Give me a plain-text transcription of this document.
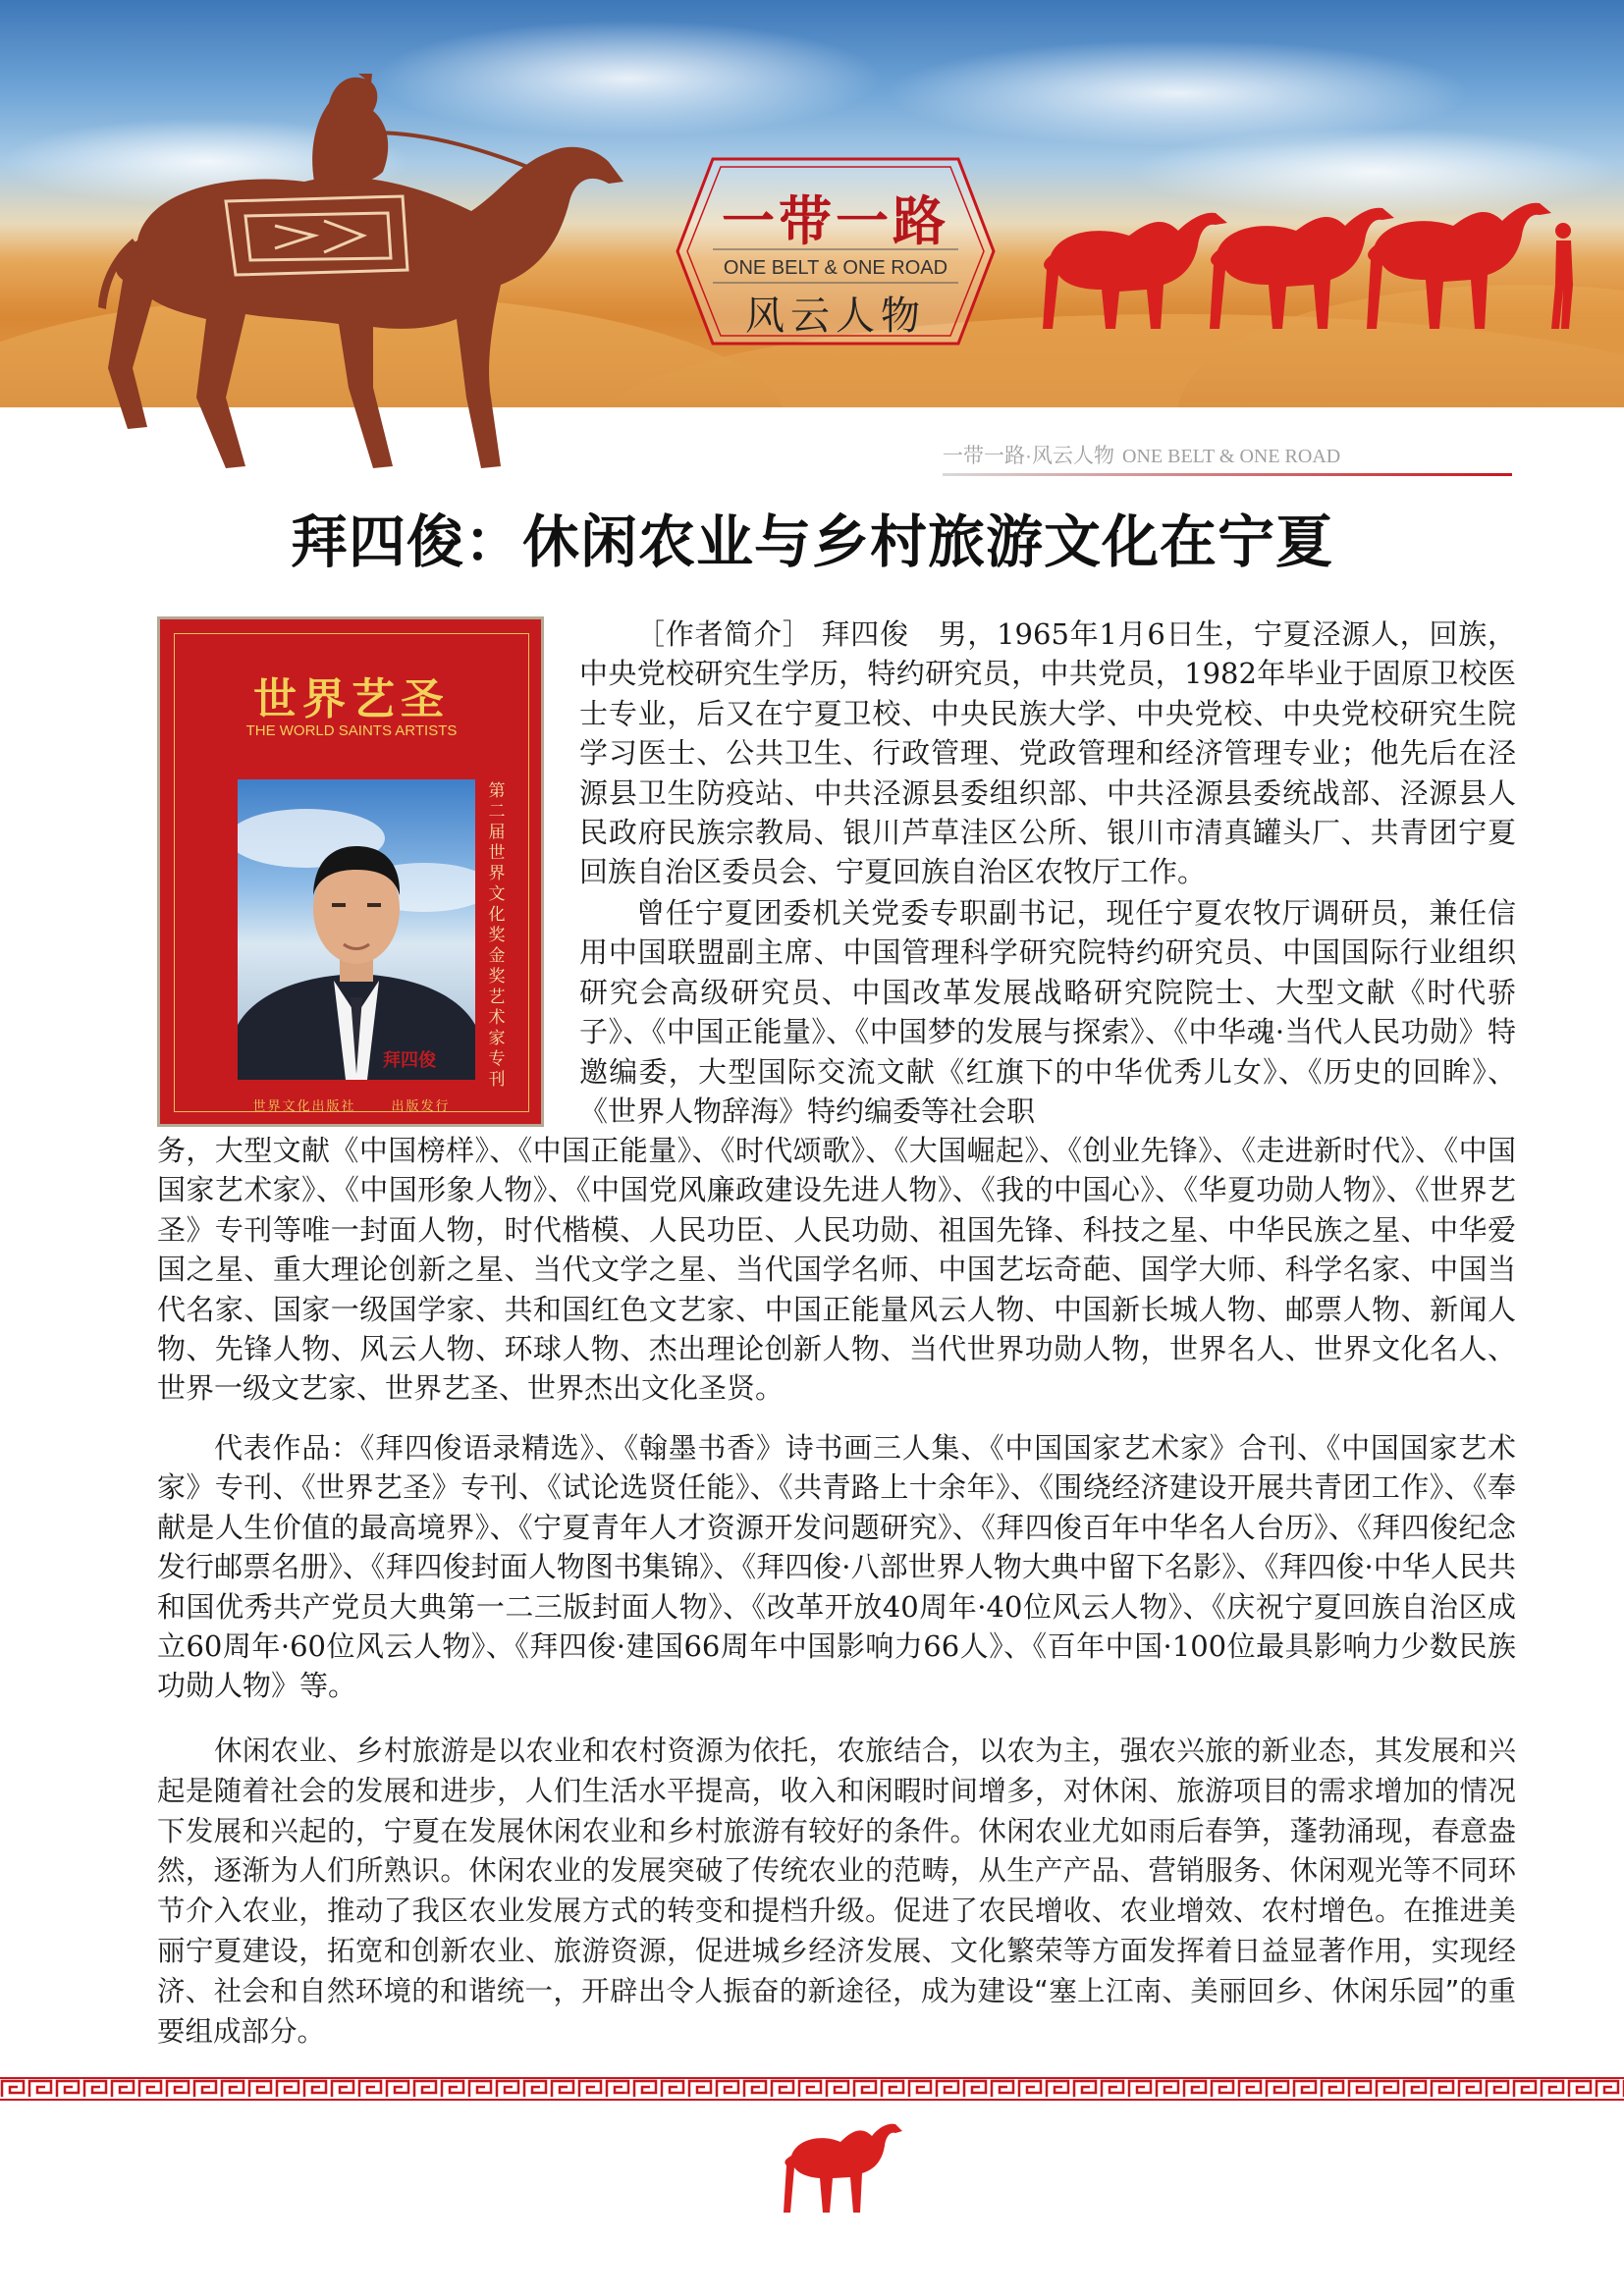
一带一路
ONE BELT & ONE ROAD
风云人物
一带一路·风云人物 ONE BELT & ONE ROAD
拜四俊：休闲农业与乡村旅游文化在宁夏
世界艺圣
THE WORLD SAINTS ARTISTS
第二届世界文化奖金奖艺术家专刊
拜四俊
世界文化出版社	出版发行

［作者简介］ 拜四俊　男，1965年1月6日生，宁夏泾源人，回族，中央党校研究生学历，特约研究员，中共党员，1982年毕业于固原卫校医士专业，后又在宁夏卫校、中央民族大学、中央党校、中央党校研究生院学习医士、公共卫生、行政管理、党政管理和经济管理专业；他先后在泾源县卫生防疫站、中共泾源县委组织部、中共泾源县委统战部、泾源县人民政府民族宗教局、银川芦草洼区公所、银川市清真罐头厂、共青团宁夏回族自治区委员会、宁夏回族自治区农牧厅工作。

曾任宁夏团委机关党委专职副书记，现任宁夏农牧厅调研员，兼任信用中国联盟副主席、中国管理科学研究院特约研究员、中国国际行业组织研究会高级研究员、中国改革发展战略研究院院士、大型文献《时代骄子》、《中国正能量》、《中国梦的发展与探索》、《中华魂·当代人民功勋》特邀编委，大型国际交流文献《红旗下的中华优秀儿女》、《历史的回眸》、《世界人物辞海》特约编委等社会职

务，大型文献《中国榜样》、《中国正能量》、《时代颂歌》、《大国崛起》、《创业先锋》、《走进新时代》、《中国国家艺术家》、《中国形象人物》、《中国党风廉政建设先进人物》、《我的中国心》、《华夏功勋人物》、《世界艺圣》专刊等唯一封面人物，时代楷模、人民功臣、人民功勋、祖国先锋、科技之星、中华民族之星、中华爱国之星、重大理论创新之星、当代文学之星、当代国学名师、中国艺坛奇葩、国学大师、科学名家、中国当代名家、国家一级国学家、共和国红色文艺家、中国正能量风云人物、中国新长城人物、邮票人物、新闻人物、先锋人物、风云人物、环球人物、杰出理论创新人物、当代世界功勋人物，世界名人、世界文化名人、世界一级文艺家、世界艺圣、世界杰出文化圣贤。

代表作品：《拜四俊语录精选》、《翰墨书香》诗书画三人集、《中国国家艺术家》合刊、《中国国家艺术家》专刊、《世界艺圣》专刊、《试论选贤任能》、《共青路上十余年》、《围绕经济建设开展共青团工作》、《奉献是人生价值的最高境界》、《宁夏青年人才资源开发问题研究》、《拜四俊百年中华名人台历》、《拜四俊纪念发行邮票名册》、《拜四俊封面人物图书集锦》、《拜四俊·八部世界人物大典中留下名影》、《拜四俊·中华人民共和国优秀共产党员大典第一二三版封面人物》、《改革开放40周年·40位风云人物》、《庆祝宁夏回族自治区成立60周年·60位风云人物》、《拜四俊·建国66周年中国影响力66人》、《百年中国·100位最具影响力少数民族功勋人物》等。

休闲农业、乡村旅游是以农业和农村资源为依托，农旅结合，以农为主，强农兴旅的新业态，其发展和兴起是随着社会的发展和进步，人们生活水平提高，收入和闲暇时间增多，对休闲、旅游项目的需求增加的情况下发展和兴起的，宁夏在发展休闲农业和乡村旅游有较好的条件。休闲农业尤如雨后春笋，蓬勃涌现，春意盎然，逐渐为人们所熟识。休闲农业的发展突破了传统农业的范畴，从生产产品、营销服务、休闲观光等不同环节介入农业，推动了我区农业发展方式的转变和提档升级。促进了农民增收、农业增效、农村增色。在推进美丽宁夏建设，拓宽和创新农业、旅游资源，促进城乡经济发展、文化繁荣等方面发挥着日益显著作用，实现经济、社会和自然环境的和谐统一，开辟出令人振奋的新途径，成为建设“塞上江南、美丽回乡、休闲乐园”的重要组成部分。
